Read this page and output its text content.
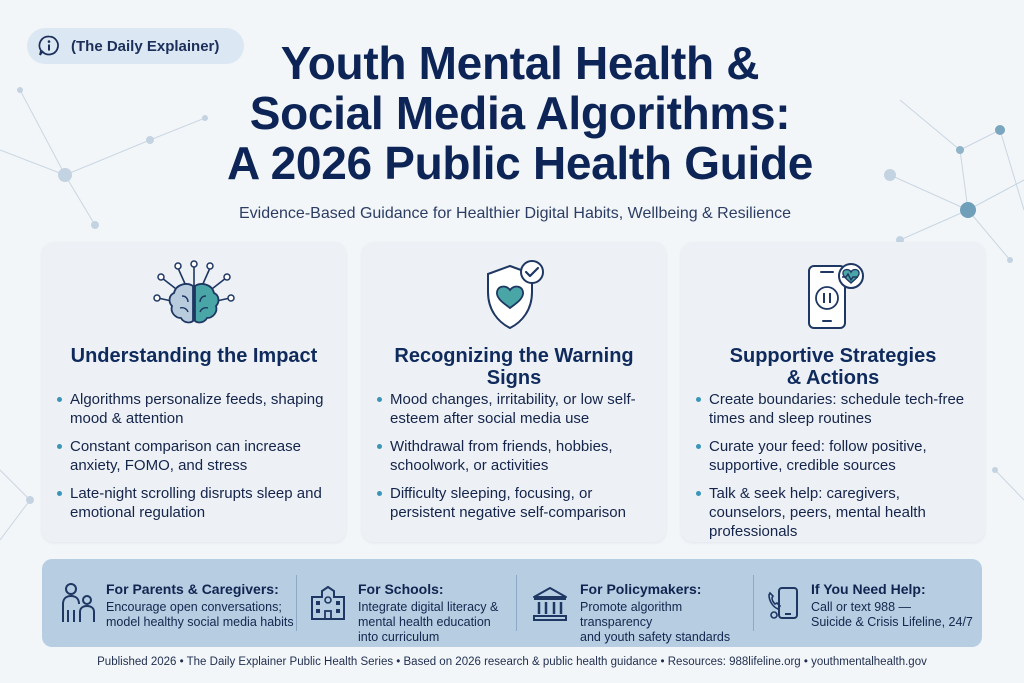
(The Daily Explainer)	Youth Mental Health &
Social Media Algorithms:
A 2026 Public Health Guide

Evidence-Based Guidance for Healthier Digital Habits, Wellbeing & Resilience

Understanding the Impact
Algorithms personalize feeds, shaping mood & attention
Constant comparison can increase anxiety, FOMO, and stress
Late-night scrolling disrupts sleep and emotional regulation
Recognizing the Warning Signs
Mood changes, irritability, or low self-esteem after social media use
Withdrawal from friends, hobbies, schoolwork, or activities
Difficulty sleeping, focusing, or persistent negative self-comparison
Supportive Strategies & Actions
Create boundaries: schedule tech-free times and sleep routines
Curate your feed: follow positive, supportive, credible sources
Talk & seek help: caregivers, counselors, peers, mental health professionals
For Parents & Caregivers:
Encourage open conversations;
model healthy social media habits
For Schools:
Integrate digital literacy &
mental health education
into curriculum
For Policymakers:
Promote algorithm transparency
and youth safety standards
If You Need Help:
Call or text 988 —
Suicide & Crisis Lifeline, 24/7

Published 2026 • The Daily Explainer Public Health Series • Based on 2026 research & public health guidance • Resources: 988lifeline.org • youthmentalhealth.gov
